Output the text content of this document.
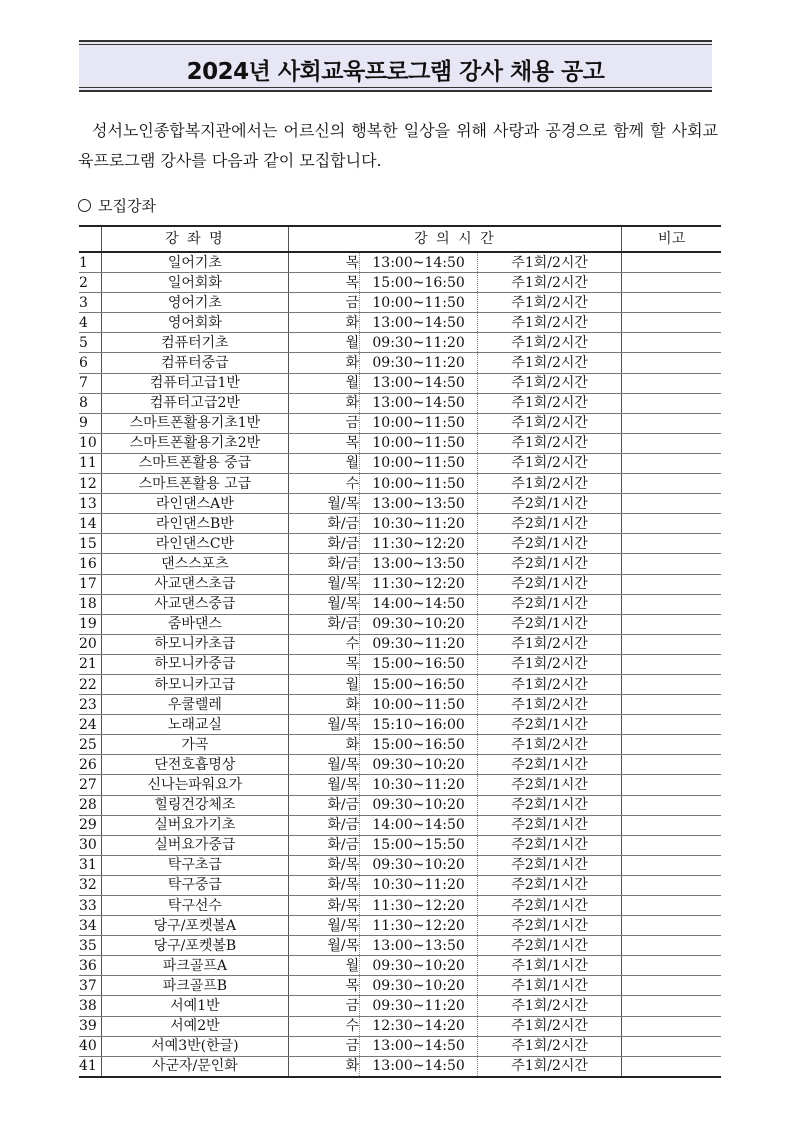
2024년 사회교육프로그램 강사 채용 공고

성서노인종합복지관에서는 어르신의 행복한 일상을 위해 사랑과 공경으로 함께 할 사회교육프로그램 강사를 다음과 같이 모집합니다.

모집강좌
	강 좌 명	강 의 시 간			비고
1	일어기초	목	13:00~14:50	주1회/2시간	
2	일어회화	목	15:00~16:50	주1회/2시간	
3	영어기초	금	10:00~11:50	주1회/2시간	
4	영어회화	화	13:00~14:50	주1회/2시간	
5	컴퓨터기초	월	09:30~11:20	주1회/2시간	
6	컴퓨터중급	화	09:30~11:20	주1회/2시간	
7	컴퓨터고급1반	월	13:00~14:50	주1회/2시간	
8	컴퓨터고급2반	화	13:00~14:50	주1회/2시간	
9	스마트폰활용기초1반	금	10:00~11:50	주1회/2시간	
10	스마트폰활용기초2반	목	10:00~11:50	주1회/2시간	
11	스마트폰활용 중급	월	10:00~11:50	주1회/2시간	
12	스마트폰활용 고급	수	10:00~11:50	주1회/2시간	
13	라인댄스A반	월/목	13:00~13:50	주2회/1시간	
14	라인댄스B반	화/금	10:30~11:20	주2회/1시간	
15	라인댄스C반	화/금	11:30~12:20	주2회/1시간	
16	댄스스포츠	화/금	13:00~13:50	주2회/1시간	
17	사교댄스초급	월/목	11:30~12:20	주2회/1시간	
18	사교댄스중급	월/목	14:00~14:50	주2회/1시간	
19	줌바댄스	화/금	09:30~10:20	주2회/1시간	
20	하모니카초급	수	09:30~11:20	주1회/2시간	
21	하모니카중급	목	15:00~16:50	주1회/2시간	
22	하모니카고급	월	15:00~16:50	주1회/2시간	
23	우쿨렐레	화	10:00~11:50	주1회/2시간	
24	노래교실	월/목	15:10~16:00	주2회/1시간	
25	가곡	화	15:00~16:50	주1회/2시간	
26	단전호흡명상	월/목	09:30~10:20	주2회/1시간	
27	신나는파워요가	월/목	10:30~11:20	주2회/1시간	
28	힐링건강체조	화/금	09:30~10:20	주2회/1시간	
29	실버요가기초	화/금	14:00~14:50	주2회/1시간	
30	실버요가중급	화/금	15:00~15:50	주2회/1시간	
31	탁구초급	화/목	09:30~10:20	주2회/1시간	
32	탁구중급	화/목	10:30~11:20	주2회/1시간	
33	탁구선수	화/목	11:30~12:20	주2회/1시간	
34	당구/포켓볼A	월/목	11:30~12:20	주2회/1시간	
35	당구/포켓볼B	월/목	13:00~13:50	주2회/1시간	
36	파크골프A	월	09:30~10:20	주1회/1시간	
37	파크골프B	목	09:30~10:20	주1회/1시간	
38	서예1반	금	09:30~11:20	주1회/2시간	
39	서예2반	수	12:30~14:20	주1회/2시간	
40	서예3반(한글)	금	13:00~14:50	주1회/2시간	
41	사군자/문인화	화	13:00~14:50	주1회/2시간	
